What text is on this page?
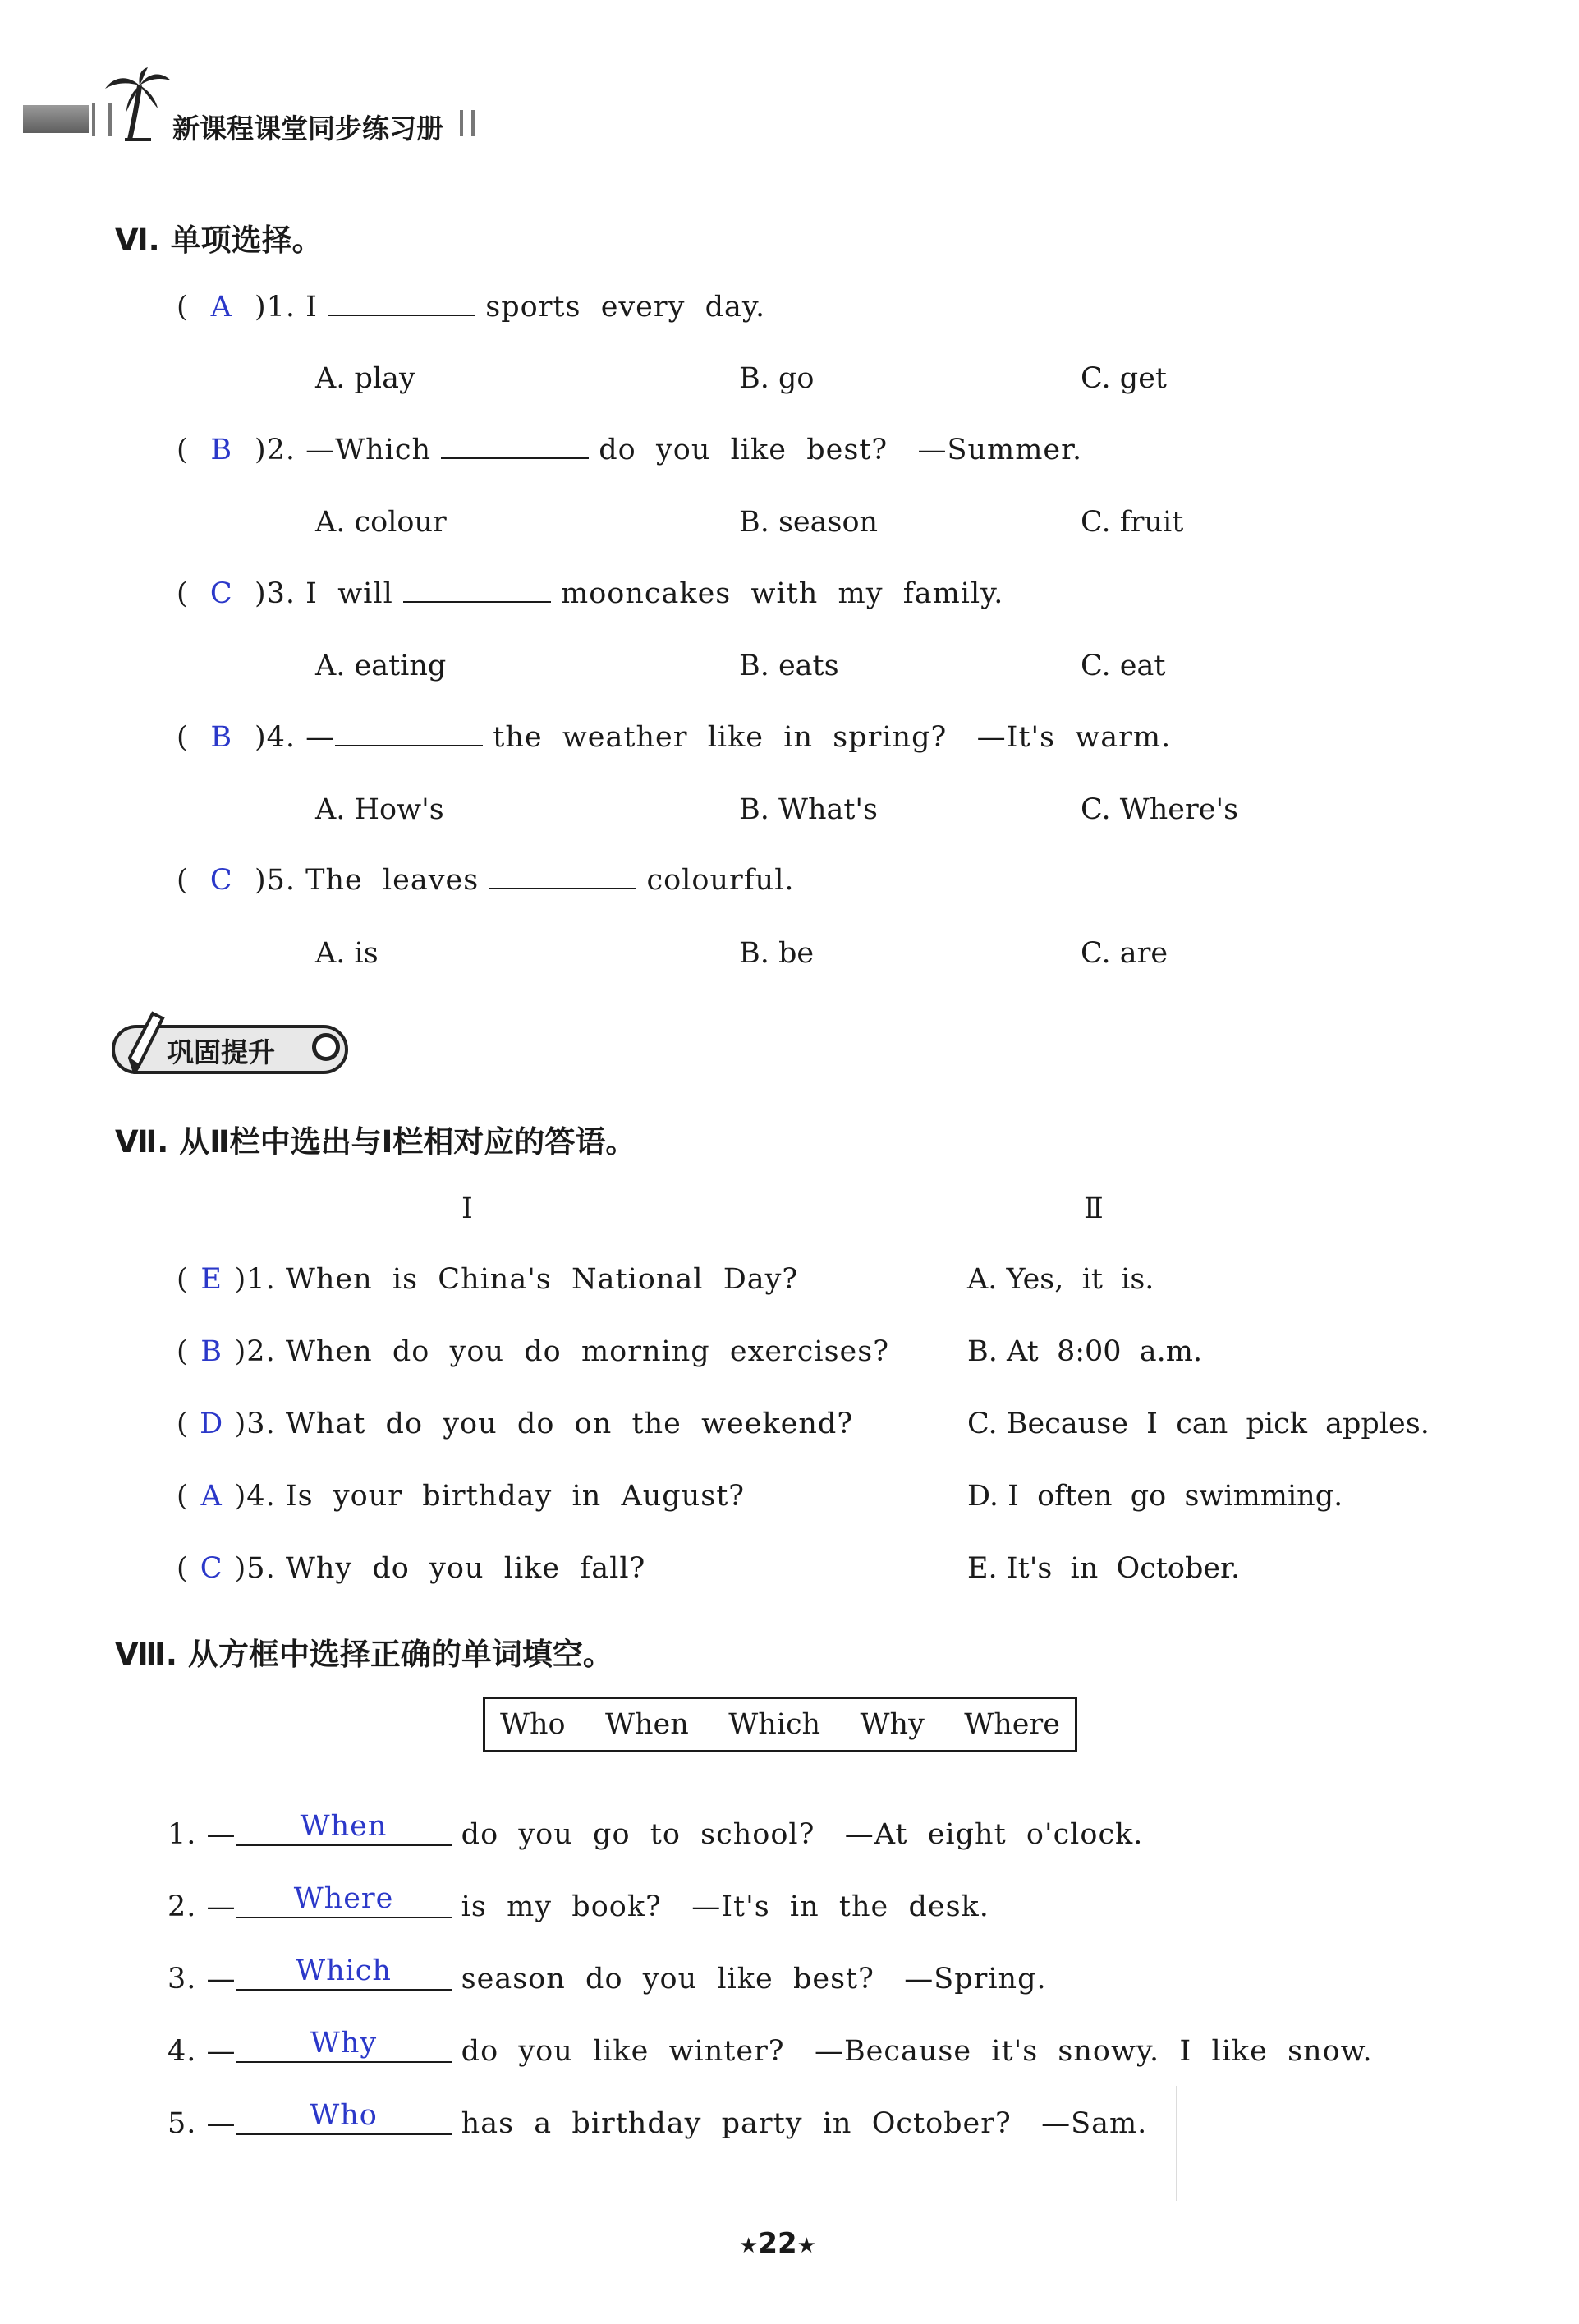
新课程课堂同步练习册
Ⅵ. 单项选择。
( A )1. I	sports  every  day.
A. play	B. go	C. get
( B )2. —Which	do  you  like  best?   —Summer.
A. colour	B. season	C. fruit
( C )3. I  will	mooncakes  with  my  family.
A. eating	B. eats	C. eat
( B )4. —	the  weather  like  in  spring?   —It's  warm.
A. How's	B. What's	C. Where's
( C )5. The  leaves	colourful.
A. is	B. be	C. are
巩固提升
Ⅶ. 从Ⅱ栏中选出与Ⅰ栏相对应的答语。
Ⅰ	Ⅱ
( E )1. When  is  China's  National  Day?	A. Yes,  it  is.
( B )2. When  do  you  do  morning  exercises?	B. At  8:00  a.m.
( D )3. What  do  you  do  on  the  weekend?	C. Because  I  can  pick  apples.
( A )4. Is  your  birthday  in  August?	D. I  often  go  swimming.
( C )5. Why  do  you  like  fall?	E. It's  in  October.
Ⅷ. 从方框中选择正确的单词填空。
Who When Which Why Where
1. — When	do  you  go  to  school?   —At  eight  o'clock.
2. — Where is  my  book?   —It's  in  the  desk.
3. — Which season  do  you  like  best?   —Spring.
4. —	Why	do  you  like  winter?   —Because  it's  snowy.  I  like  snow.
5. —	Who	has  a  birthday  party  in  October?   —Sam.
★22★
